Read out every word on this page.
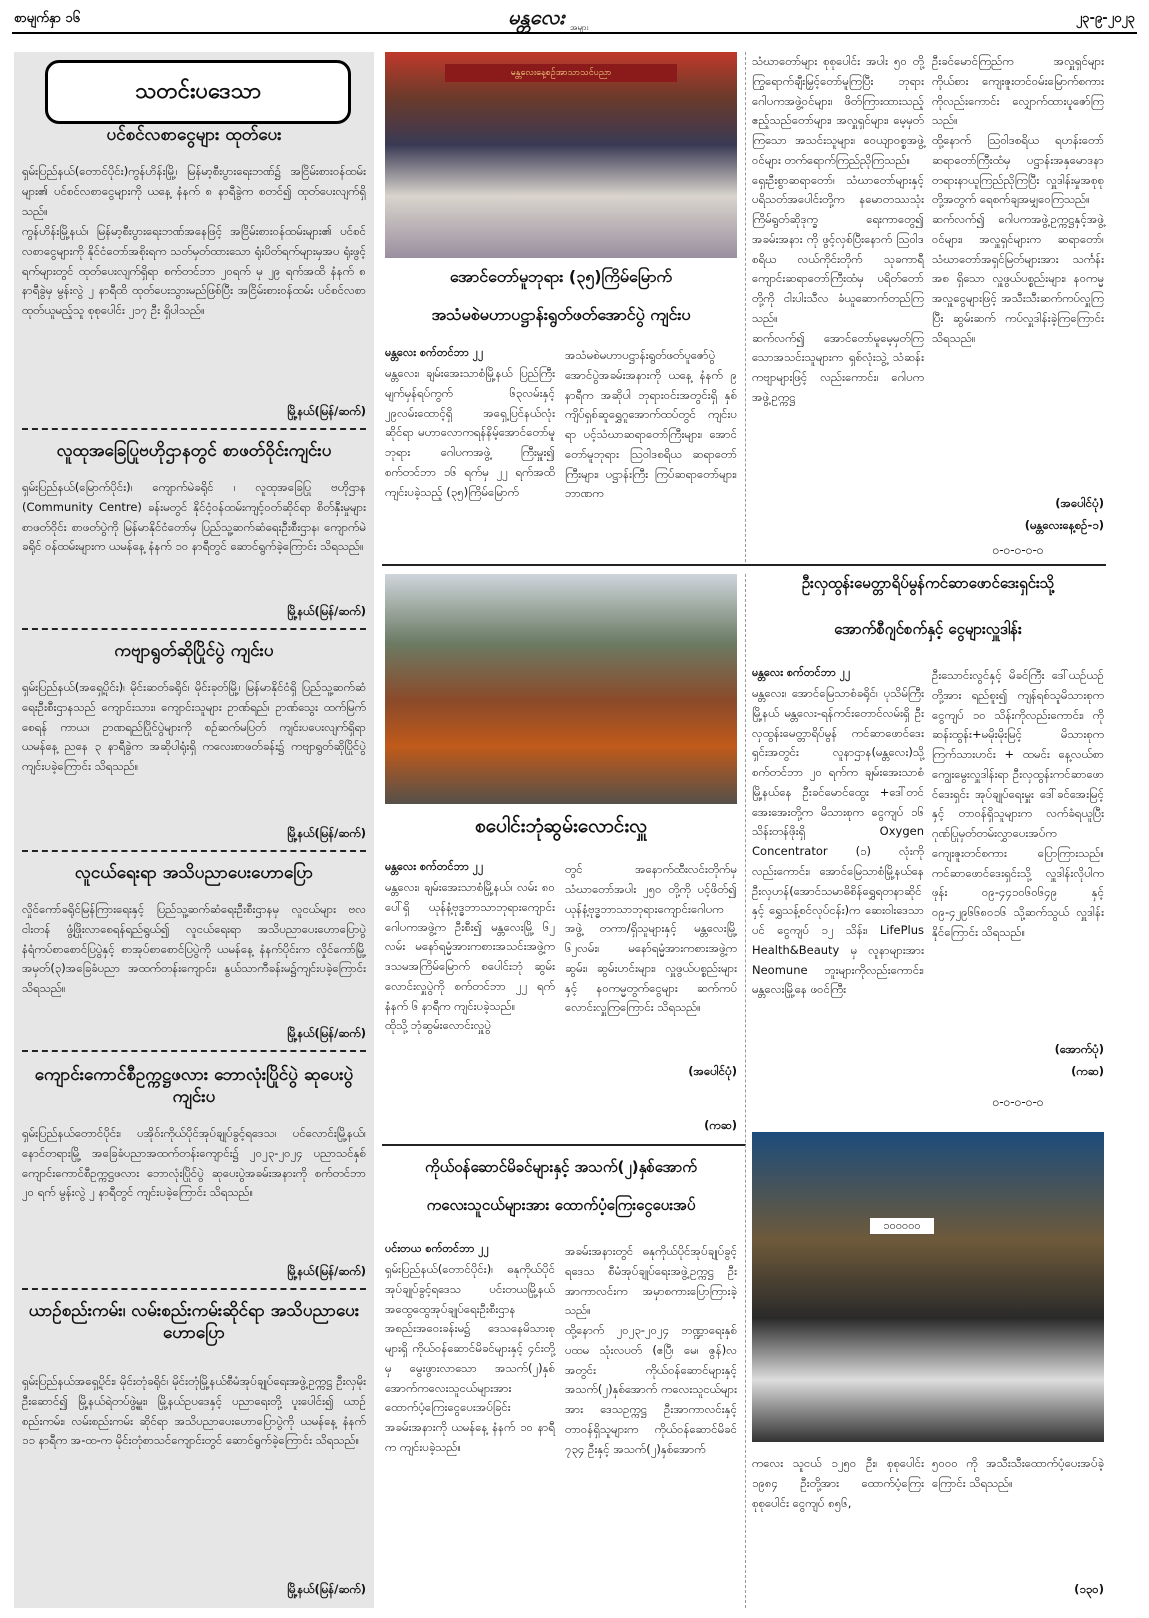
စာမျက်နှာ ၁၆	မန္တလေး အများ
၂၃-၉-၂၀၂၃
သတင်းပဒေသာ
ပင်စင်လစာငွေများ ထုတ်ပေး
ရှမ်းပြည်နယ်(တောင်ပိုင်း)ကွန်ဟိန်းမြို့၊ မြန်မာ့စီးပွားရေးဘဏ်၌ အငြိမ်းစားဝန်ထမ်းများ၏ ပင်စင်လစာငွေများကို ယနေ့ နံနက် ၈ နာရီခွဲက စတင်၍ ထုတ်ပေးလျက်ရှိသည်။
ကွန်ဟိန်းမြို့နယ်၊ မြန်မာ့စီးပွားရေးဘဏ်အနေဖြင့် အငြိမ်းစားဝန်ထမ်းများ၏ ပင်စင်လစာငွေများကို နိုင်ငံတော်အစိုးရက သတ်မှတ်ထားသော ရုံးပိတ်ရက်များမှအပ ရုံးဖွင့်ရက်များတွင် ထုတ်ပေးလျက်ရှိရာ စက်တင်ဘာ ၂၀ရက် မှ ၂၉ ရက်အထိ နံနက် ၈ နာရီခွဲမှ မွန်းလွဲ ၂ နာရီထိ ထုတ်ပေးသွားမည်ဖြစ်ပြီး အငြိမ်းစားဝန်ထမ်း ပင်စင်လစာထုတ်ယူမည့်သူ စုစုပေါင်း ၂၁၇ ဦး ရှိပါသည်။
မြို့နယ်(မြန်/ဆက်)
လူထုအခြေပြုဗဟိုဌာနတွင် စာဖတ်ဝိုင်းကျင်းပ
ရှမ်းပြည်နယ်(မြောက်ပိုင်း)၊ ကျောက်မဲခရိုင် ၊ လူထုအခြေပြု ဗဟိုဌာန (Community Centre) ခန်းမတွင် နိုင်ငံ့ဝန်ထမ်းကျင့်ဝတ်ဆိုင်ရာ စိတ်နှီးမှုများ စာဖတ်ဝိုင်း စာဖတ်ပွဲကို မြန်မာနိုင်ငံတော်မှ ပြည်သူ့ဆက်ဆံရေးဦးစီးဌာန၊ ကျောက်မဲခရိုင် ဝန်ထမ်းများက ယမန်နေ့ နံနက် ၁၀ နာရီတွင် ဆောင်ရွက်ခဲ့ကြောင်း သိရသည်။
မြို့နယ်(မြန်/ဆက်)
ကဗျာရွတ်ဆိုပြိုင်ပွဲ ကျင်းပ
ရှမ်းပြည်နယ်(အရှေ့ပိုင်း)၊ မိုင်းဆတ်ခရိုင်၊ မိုင်းခုတ်မြို့၊ မြန်မာနိုင်ငံရှိ ပြည်သူ့ဆက်ဆံရေးဦးစီးဌာနသည် ကျောင်းသား၊ ကျောင်းသူများ ဥာဏ်ရည်၊ ဥာဏ်သွေး ထက်မြက်စေရန် ကာယ၊ ဥာဏရည်ပြိုင်ပွဲများကို စဉ်ဆက်မပြတ် ကျင်းပပေးလျက်ရှိရာ ယမန်နေ့ ညနေ ၃ နာရီခွဲက အဆိုပါရုံးရှိ ကလေးစာဖတ်ခန်း၌ ကဗျာရွတ်ဆိုပြိုင်ပွဲ ကျင်းပခဲ့ကြောင်း သိရသည်။
မြို့နယ်(မြန်/ဆက်)
လူငယ်ရေးရာ အသိပညာပေးဟောပြော
လှိုင်ကော်ခရိုင်မြန်ကြားရေးနှင့် ပြည်သူ့ဆက်ဆံရေးဦးစီးဌာနမှ လူငယ်များ ဗလငါးတန် ဖွံ့ဖြိုးလာစေရန်ရည်ရွယ်၍ လူငယ်ရေးရာ အသိပညာပေးဟောပြောပွဲ နံရံကပ်စာစောင်ပြပွဲနှင့် စာအုပ်စာစောင်ပြပွဲကို ယမန်နေ့ နံနက်ပိုင်းက လှိုင်ကော်မြို့ အမှတ်(၃)အခြေခံပညာ အထက်တန်းကျောင်း၊ နွယ်သာကီခန်းမ၌ကျင်းပခဲ့ကြောင်း သိရသည်။
မြို့နယ်(မြန်/ဆက်)
ကျောင်းကောင်စီဥက္ကဋ္ဌဖလား ဘောလုံးပြိုင်ပွဲ ဆုပေးပွဲ ကျင်းပ
ရှမ်းပြည်နယ်တောင်ပိုင်း၊ ပအိုဝ်းကိုယ်ပိုင်အုပ်ချုပ်ခွင့်ရဒေသ၊ ပင်လောင်းမြို့နယ်၊ နောင်တရားမြို့ အခြေခံပညာအထက်တန်းကျောင်း၌ ၂၀၂၃-၂၀၂၄ ပညာသင်နှစ် ကျောင်းကောင်စီဥက္ကဋ္ဌဖလား ဘောလုံးပြိုင်ပွဲ ဆုပေးပွဲအခမ်းအနားကို စက်တင်ဘာ ၂၀ ရက် မွန်းလွဲ ၂ နာရီတွင် ကျင်းပခဲ့ကြောင်း သိရသည်။
မြို့နယ်(မြန်/ဆက်)
ယာဉ်စည်းကမ်း၊ လမ်းစည်းကမ်းဆိုင်ရာ အသိပညာပေး ဟောပြော
ရှမ်းပြည်နယ်အရှေ့ပိုင်း၊ မိုင်းတုံခရိုင်၊ မိုင်းတုံမြို့နယ်စီမံအုပ်ချုပ်ရေးအဖွဲ့ဥက္ကဋ္ဌ ဦးလှမိုး ဦးဆောင်၍ မြို့နယ်ရဲတပ်ဖွဲ့မှူး၊ မြို့နယ်ဥပဒေနှင့် ပညာရေးတို့ ပူးပေါင်း၍ ယာဉ်စည်းကမ်း၊ လမ်းစည်းကမ်း ဆိုင်ရာ အသိပညာပေးဟောပြောပွဲကို ယမန်နေ့ နံနက် ၁၁ နာရီက အ-ထ-က မိုင်းတုံစာသင်ကျောင်းတွင် ဆောင်ရွက်ခဲ့ကြောင်း သိရသည်။
မြို့နယ်(မြန်/ဆက်)
မန္တလေးနေ့စဉ်အာသာသင်ပညာ
အောင်တော်မူဘုရား (၃၅)ကြိမ်မြောက်
အသံမစဲမဟာပဋ္ဌာန်းရွတ်ဖတ်အောင်ပွဲ ကျင်းပ
မန္တလေး စက်တင်ဘာ ၂၂
မန္တလေး၊ ချမ်းအေးသာစံမြို့နယ် ပြည်ကြီးမျက်မှန်ရပ်ကွက် ၆၃လမ်းနှင့် ၂၉လမ်းထောင့်ရှိ အရှေ့ပြင်နယ်လုံးဆိုင်ရာ မဟာလောကရန်နိမ့်အောင်တော်မူဘုရား ဂေါပကအဖွဲ့ ကြီးမှူး၍ စက်တင်ဘာ ၁၆ ရက်မှ ၂၂ ရက်အထိ ကျင်းပခဲ့သည့် (၃၅)ကြိမ်မြောက်
အသံမစဲမဟာပဋ္ဌာန်းရွတ်ဖတ်ပူဇော်ပွဲ အောင်ပွဲအခမ်းအနားကို ယနေ့ နံနက် ၉ နာရီက အဆိုပါ ဘုရားဝင်းအတွင်းရှိ နှစ်ကျိပ်ရှစ်ဆူရွှေဂူအောက်ထပ်တွင် ကျင်းပရာ ပင့်သံဃာဆရာတော်ကြီးများ၊ အောင်တော်မူဘုရား သြဝါဒစရိယ ဆရာတော်ကြီးများ၊ ပဋ္ဌာန်းကြီး ကြပ်ဆရာတော်များ၊ ဘာဏက
သံဃာတော်များ စုစုပေါင်း အပါး ၅၀ တို့ ကြွရောက်ချီးမြှင့်တော်မူကြပြီး ဘုရားဂေါပကအဖွဲ့ဝင်များ၊ ဖိတ်ကြားထားသည့်ဧည့်သည်တော်များ၊ အလှူရှင်များ၊ မေ့မှတ်ကြသော အသင်းသူများ၊ ဝေယျာဝစ္စအဖွဲ့ဝင်များ တက်ရောက်ကြည်ညိုကြသည်။
ရှေးဦးစွာဆရာတော်၊ သံဃာတော်များနှင့် ပရိသတ်အပေါင်းတို့က နမောတဿသုံးကြိမ်ရွတ်ဆိုဒုက္ခ ရေးကာတွေ၍ အခမ်းအနား ကို ဖွင့်လှစ်ပြီးနောက် သြဝါဒစရိယ လယ်ကိုင်းတိုက် သုခကာရီ ကျောင်းဆရာတော်ကြီးထံမှ ပရိတ်တော်တို့ကို ငါးပါးသီလ ခံယူဆောက်တည်ကြသည်။
ဆက်လက်၍ အောင်တော်မူမေ့မှတ်ကြသောအသင်းသူများက ရှစ်လုံးသွဲ့ သံဆန်းကဗျာများဖြင့် လည်းကောင်း၊ ဂေါပကအဖွဲ့ဥက္ကဋ္ဌ
ဦးခင်မောင်ကြည်က အလှူရှင်များကိုယ်စား ကျေးဇူးတင်ဝမ်းမြောက်စကားကိုလည်းကောင်း လျှောက်ထားပူဇော်ကြသည်။
ထို့နောက် သြဝါဒစရိယ ရဟန်းတော် ဆရာတော်ကြီးထံမှ ပဋ္ဌာန်းအနှမောဒနာတရားနာယူကြည်ညိုကြပြီး လှူဒါန်းမှုအစုစုတို့အတွက် ရေစက်ချအမျှဝေကြသည်။
ဆက်လက်၍ ဂေါပကအဖွဲ့ဥက္ကဋ္ဌနှင့်အဖွဲ့ဝင်များ၊ အလှူရှင်များက ဆရာတော်၊ သံဃာတော်အရှင်မြတ်များအား သင်္ကန်းအစ ရှိသော လှူဖွယ်ပစ္စည်းများ၊ နဝကမ္မ အလှူငွေများဖြင့် အသီးသီးဆက်ကပ်လှူကြပြီး ဆွမ်းဆက် ကပ်လှူဒါန်းခဲ့ကြကြောင်း သိရသည်။
(အပေါင်ပုံ)
(မန္တလေးနေ့စဉ်-၁)
၀-၀-၀-၀-၀
စပေါင်းဘုံဆွမ်းလောင်းလှူ
မန္တလေး စက်တင်ဘာ ၂၂
မန္တလေး၊ ချမ်းအေးသာစံမြို့နယ်၊ လမ်း ၈၀ ပေါ်ရှိ ယုန်နံ့ဗုဒ္ဓဘာသာဘုရားကျောင်း ဂေါပကအဖွဲ့က ဦးစီး၍ မန္တလေးမြို့ ၆၂ လမ်း မနော်ရမ္မံအားကစားအသင်းအဖွဲ့က ဒသမအကြိမ်မြောက် စပေါင်းဘုံ ဆွမ်းလောင်းလှူပွဲကို စက်တင်ဘာ ၂၂ ရက် နံနက် ၆ နာရီက ကျင်းပခဲ့သည်။
ထိုသို့ ဘုံဆွမ်းလောင်းလှူပွဲ
တွင် အနောက်ထီးလင်းတိုက်မှ သံဃာတော်အပါး ၂၅၀ တို့ကို ပင့်ဖိတ်၍ ယုန်နံ့ဗုဒ္ဓဘာသာဘုရားကျောင်းဂေါပကအဖွဲ့ တကာ/ရှိသူများနှင့် မန္တလေးမြို့ ၆၂လမ်း၊ မနော်ရမ္မံအားကစားအဖွဲ့က ဆွမ်း၊ ဆွမ်းဟင်းများ၊ လှူဖွယ်ပစ္စည်းများနှင့် နဝကမ္မတွက်ငွေများ ဆက်ကပ်လောင်းလှူကြကြောင်း သိရသည်။
(အပေါင်ပုံ)
(ကဆ)
ဦးလှထွန်းမေတ္တာရိပ်မွန်ကင်ဆာဖောင်ဒေးရှင်းသို့
အောက်စီဂျင်စက်နှင့် ငွေများလှူဒါန်း
မန္တလေး စက်တင်ဘာ ၂၂
မန္တလေး၊ အောင်မြေသာစံခရိုင်၊ ပုသိမ်ကြီးမြို့နယ် မန္တလေး-ရန်ကင်းတောင်လမ်းရှိ ဦးလှထွန်းမေတ္တာရိပ်မွန် ကင်ဆာဖောင်ဒေးရှင်းအတွင်း လူနာဌာန(မန္တလေး)သို့ စက်တင်ဘာ ၂၀ ရက်က ချမ်းအေးသာစံမြို့နယ်နေ ဦးခင်မောင်ထွေး +ဒေါ်တင်အေးအေးတို့က မိသားစုက ငွေကျပ် ၁၆ သိန်းတန်ဖိုးရှိ Oxygen Concentrator (၁) လုံးကိုလည်းကောင်း၊ အောင်မြေသာစံမြို့နယ်နေ ဦးလှဟန်(အောင်သမာဓိစိန်ရွှေရတနာဆိုင်နှင့် ရွှေသန့်စင်လုပ်ငန်း)က ဆေးဝါးဒေသာ ပင် ငွေကျပ် ၁၂ သိန်း၊ LifePlus Health&Beauty မှ လူနာများအား Neomune ဘူးများကိုလည်းကောင်း၊ မန္တလေးမြို့နေ ဖဝင်ကြီး
ဦးသောင်းလွင်နှင့် မိခင်ကြီး ဒေါ်ယဉ်ယဉ်တို့အား ရည်စူး၍ ကျန်ရစ်သူမိသားစုက ငွေကျပ် ၁၀ သိန်းကိုလည်းကောင်း၊ ကိုဆန်းထွန်း+မမိုးမိုးမြင့် မိသားစုက ကြက်သားဟင်း + ထမင်း နေ့လယ်စာကျွေးမွေးလှူဒါန်းရာ ဦးလှထွန်းကင်ဆာဖောင်ဒေးရှင်း အုပ်ချုပ်ရေးမှူး ဒေါ်ခင်အေးမြင့်နှင့် တာဝန်ရှိသူများက လက်ခံရယူပြီး ဂုဏ်ပြုမှတ်တမ်းလွှာပေးအပ်က ကျေးဇူးတင်စကား ပြောကြားသည်။ ကင်ဆာဖောင်ဒေးရှင်းသို့ လှူဒါန်းလိုပါက ဖုန်း ၀၉-၄၄၁၀၆၀၆၄၉ နှင့် ၀၉-၄၂၉၆၆၈၀၁၆ သို့ဆက်သွယ် လှူဒါန်းနိုင်ကြောင်း သိရသည်။
(အောက်ပုံ)
(ကဆ)
၀-၀-၀-၀-၀
ကိုယ်ဝန်ဆောင်မိခင်များနှင့် အသက်(၂)နှစ်အောက်
ကလေးသူငယ်များအား ထောက်ပံ့ကြေးငွေပေးအပ်
ပင်းတယ စက်တင်ဘာ ၂၂
ရှမ်းပြည်နယ်(တောင်ပိုင်း)၊ ဓနုကိုယ်ပိုင်အုပ်ချုပ်ခွင့်ရဒေသ ပင်းတယမြို့နယ် အထွေထွေအုပ်ချုပ်ရေးဦးစီးဌာန အစည်းအဝေးခန်းမ၌ ဒေသနေမိသားစုများရှိ ကိုယ်ဝန်ဆောင်မိခင်များနှင့် ၄င်းတို့မှ မွေးဖွားလာသော အသက်(၂)နှစ်အောက်ကလေးသူငယ်များအား ထောက်ပံ့ကြေးငွေပေးအပ်ခြင်း အခမ်းအနားကို ယမန်နေ့ နံနက် ၁၀ နာရီက ကျင်းပခဲ့သည်။
အခမ်းအနားတွင် ဓနုကိုယ်ပိုင်အုပ်ချုပ်ခွင့်ရဒေသ စီမံအုပ်ချုပ်ရေးအဖွဲ့ဥက္ကဋ္ဌ ဦးအာကာလင်းက အမှာစကားပြောကြားခဲ့သည်။
ထို့နောက် ၂၀၂၃-၂၀၂၄ ဘဏ္ဍာရေးနှစ် ပထမ သုံးလပတ် (ဧပြီ၊ မေ၊ ဇွန်)လအတွင်း ကိုယ်ဝန်ဆောင်များနှင့် အသက်(၂)နှစ်အောက် ကလေးသူငယ်များအား ဒေသဥက္ကဋ္ဌ ဦးအာကာလင်းနှင့် တာဝန်ရှိသူများက ကိုယ်ဝန်ဆောင်မိခင် ၇၃၄ ဦးနှင့် အသက်(၂)နှစ်အောက်
၁၀၀၀၀၀
ကလေး သူငယ် ၁၂၅၀ ဦး၊ စုစုပေါင်း ၁၉၈၄ ဦးတို့အား ထောက်ပံ့ကြေး စုစုပေါင်း ငွေကျပ် ၈၅၆,
၅၀၀၀ ကို အသီးသီးထောက်ပံ့ပေးအပ်ခဲ့ကြောင်း သိရသည်။
(၁၃၀)
